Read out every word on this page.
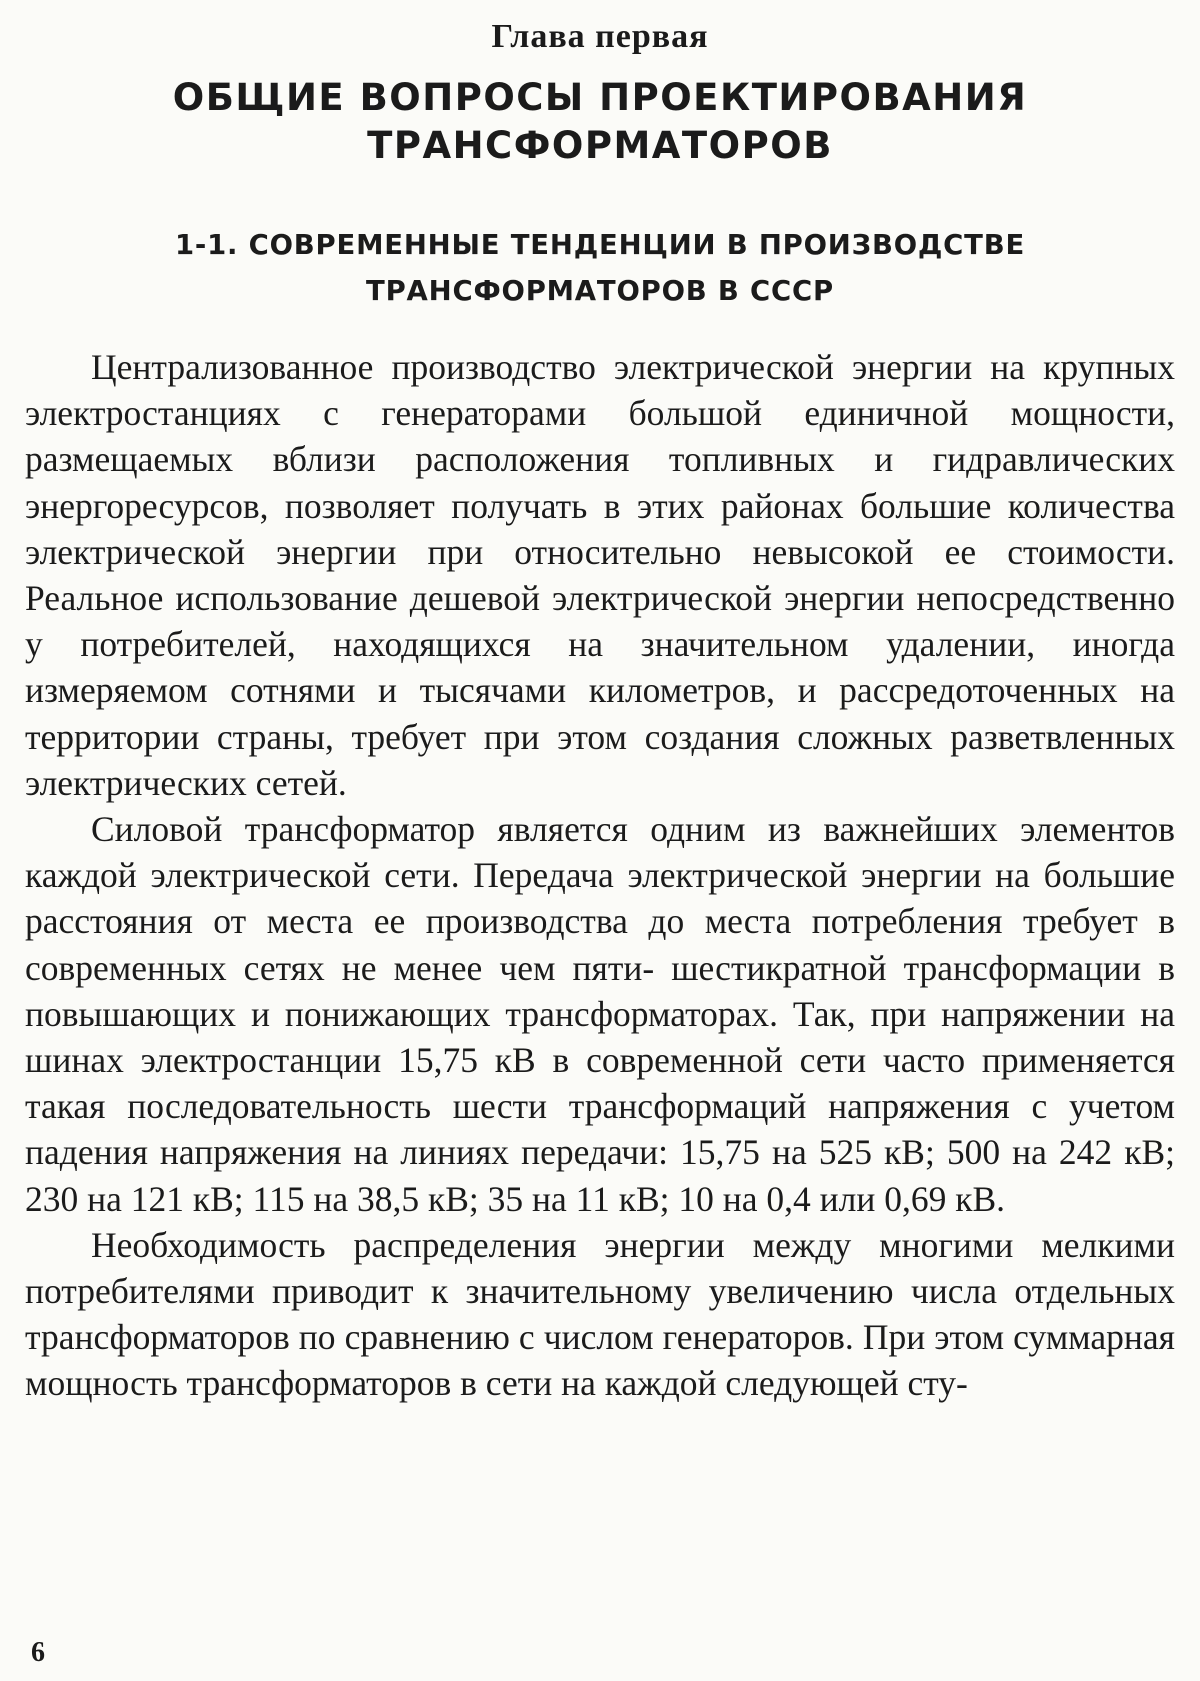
Глава первая
ОБЩИЕ ВОПРОСЫ ПРОЕКТИРОВАНИЯ
ТРАНСФОРМАТОРОВ
1-1. СОВРЕМЕННЫЕ ТЕНДЕНЦИИ В ПРОИЗВОДСТВЕ
ТРАНСФОРМАТОРОВ В СССР

Централизованное производство электрической энергии на крупных электростанциях с генераторами большой единичной мощности, размещаемых вблизи расположения топливных и гидравлических энергоресурсов, позволяет получать в этих районах большие количества электрической энергии при относительно невысокой ее стоимости. Реальное использование дешевой электрической энергии непосредственно у потребителей, находящихся на значительном удалении, иногда измеряемом сотнями и тысячами километров, и рассредоточенных на территории страны, требует при этом создания сложных разветвленных электрических сетей.

Силовой трансформатор является одним из важнейших элементов каждой электрической сети. Передача электрической энергии на большие расстояния от места ее производства до места потребления требует в современных сетях не менее чем пяти- шестикратной трансформации в повышающих и понижающих трансформаторах. Так, при напряжении на шинах электростанции 15,75 кВ в современной сети часто применяется такая последовательность шести трансформаций напряжения с учетом падения напряжения на линиях передачи: 15,75 на 525 кВ; 500 на 242 кВ; 230 на 121 кВ; 115 на 38,5 кВ; 35 на 11 кВ; 10 на 0,4 или 0,69 кВ.

Необходимость распределения энергии между многими мелкими потребителями приводит к значительному увеличению числа отдельных трансформаторов по сравнению с числом генераторов. При этом суммарная мощность трансформаторов в сети на каждой следующей сту-

6
